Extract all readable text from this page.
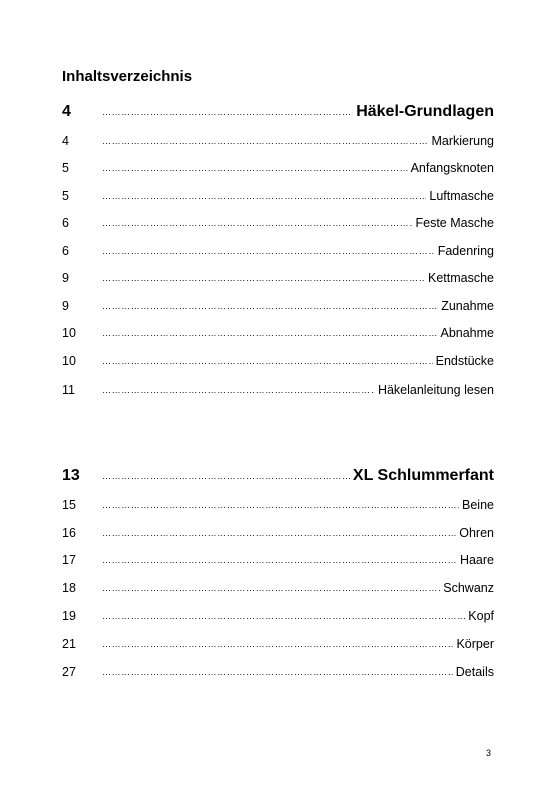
Inhaltsverzeichnis
4 ……………………………………………………………………………………………………………………………………………………	Häkel-Grundlagen
4 ……………………………………………………………………………………………………………………………………………………	Markierung
5 ……………………………………………………………………………………………………………………………………………………	Anfangsknoten
5 ……………………………………………………………………………………………………………………………………………………	Luftmasche
6 ……………………………………………………………………………………………………………………………………………………	Feste Masche
6 ……………………………………………………………………………………………………………………………………………………	Fadenring
9 ……………………………………………………………………………………………………………………………………………………	Kettmasche
9 ……………………………………………………………………………………………………………………………………………………	Zunahme
10 ……………………………………………………………………………………………………………………………………………………	Abnahme
10 ……………………………………………………………………………………………………………………………………………………	Endstücke
11 ……………………………………………………………………………………………………………………………………………………	Häkelanleitung lesen
13 ……………………………………………………………………………………………………………………………………………………	XL Schlummerfant
15 ……………………………………………………………………………………………………………………………………………………	Beine
16 ……………………………………………………………………………………………………………………………………………………	Ohren
17 ……………………………………………………………………………………………………………………………………………………	Haare
18 ……………………………………………………………………………………………………………………………………………………	Schwanz
19 ……………………………………………………………………………………………………………………………………………………	Kopf
21 ……………………………………………………………………………………………………………………………………………………	Körper
27 ……………………………………………………………………………………………………………………………………………………	Details
3
